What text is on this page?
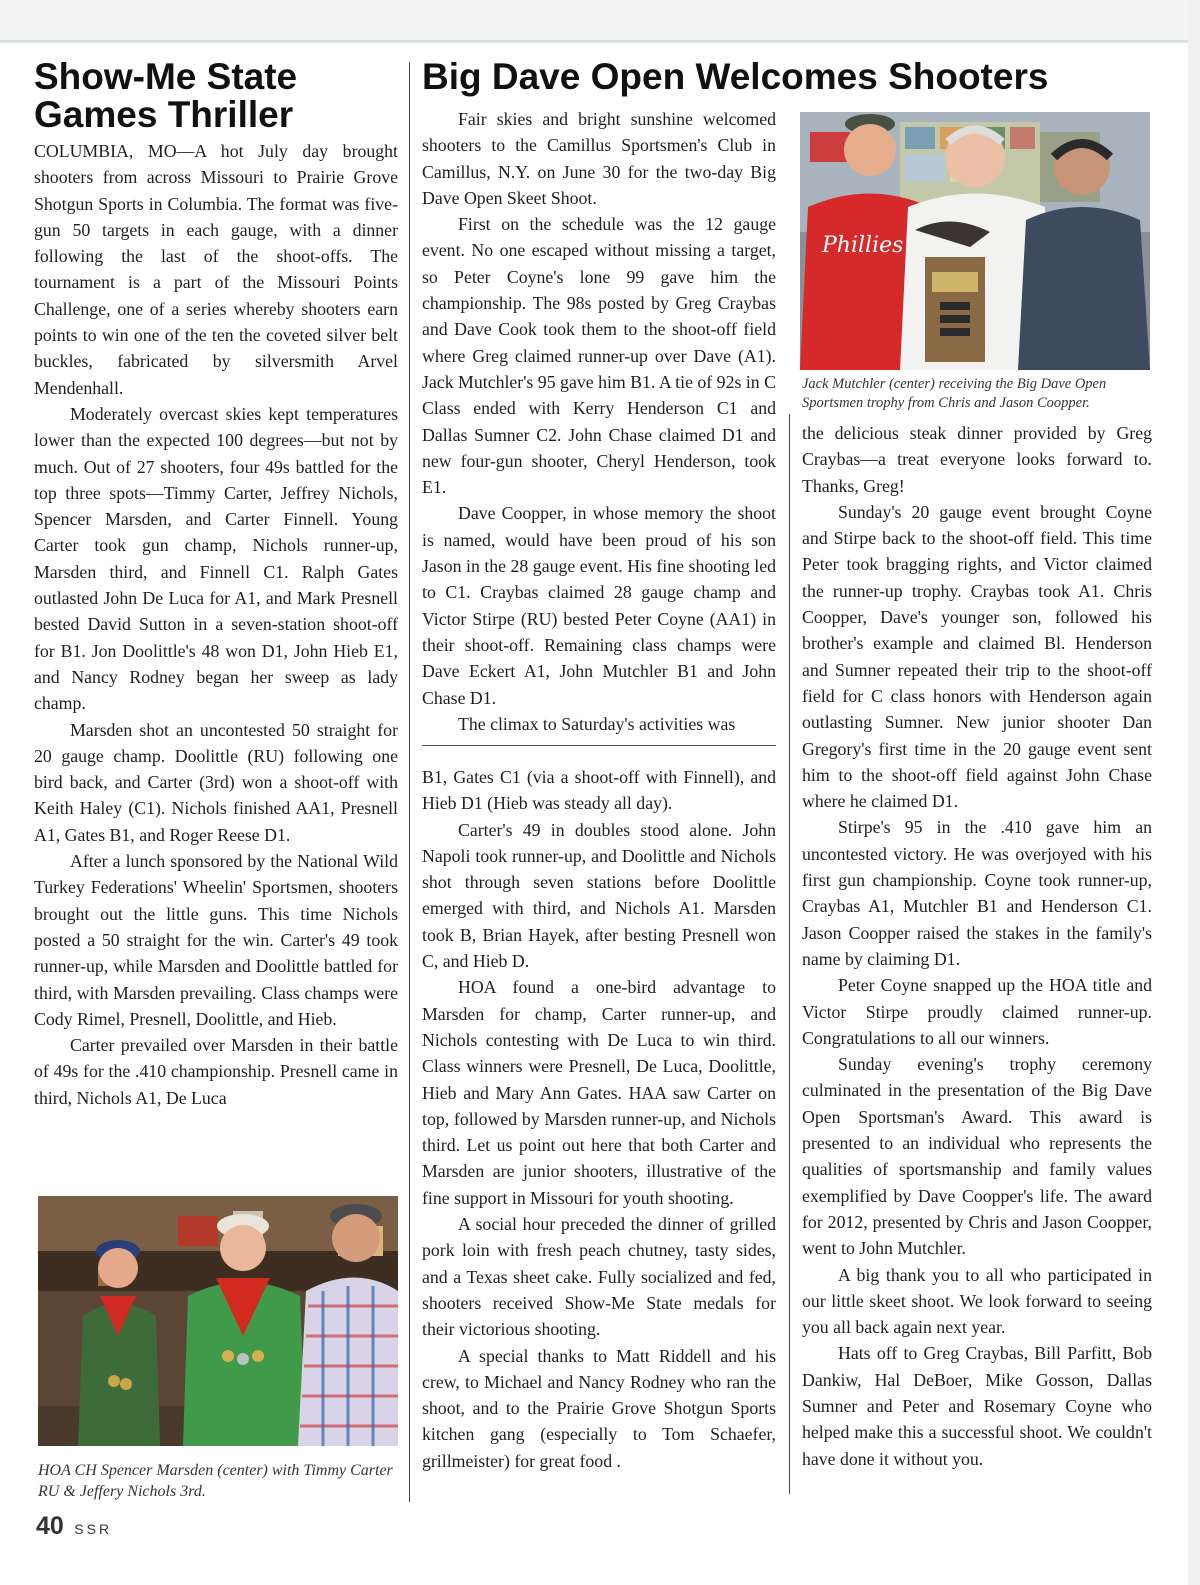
Show-Me State Games Thriller
Big Dave Open Welcomes Shooters

COLUMBIA, MO—A hot July day brought shooters from across Missouri to Prairie Grove Shotgun Sports in Columbia. The format was five-gun 50 targets in each gauge, with a dinner following the last of the shoot-offs. The tournament is a part of the Missouri Points Challenge, one of a series whereby shooters earn points to win one of the ten the coveted silver belt buckles, fabricated by silversmith Arvel Mendenhall.

Moderately overcast skies kept temperatures lower than the expected 100 degrees—but not by much. Out of 27 shooters, four 49s battled for the top three spots—Timmy Carter, Jeffrey Nichols, Spencer Marsden, and Carter Finnell. Young Carter took gun champ, Nichols runner-up, Marsden third, and Finnell C1. Ralph Gates outlasted John De Luca for A1, and Mark Presnell bested David Sutton in a seven-station shoot-off for B1. Jon Doolittle's 48 won D1, John Hieb E1, and Nancy Rodney began her sweep as lady champ.

Marsden shot an uncontested 50 straight for 20 gauge champ. Doolittle (RU) following one bird back, and Carter (3rd) won a shoot-off with Keith Haley (C1). Nichols finished AA1, Presnell A1, Gates B1, and Roger Reese D1.

After a lunch sponsored by the National Wild Turkey Federations' Wheelin' Sportsmen, shooters brought out the little guns. This time Nichols posted a 50 straight for the win. Carter's 49 took runner-up, while Marsden and Doolittle battled for third, with Marsden prevailing. Class champs were Cody Rimel, Presnell, Doolittle, and Hieb.

Carter prevailed over Marsden in their battle of 49s for the .410 championship. Presnell came in third, Nichols A1, De Luca

HOA CH Spencer Marsden (center) with Timmy Carter RU & Jeffery Nichols 3rd.

Fair skies and bright sunshine welcomed shooters to the Camillus Sportsmen's Club in Camillus, N.Y. on June 30 for the two-day Big Dave Open Skeet Shoot.

First on the schedule was the 12 gauge event. No one escaped without missing a target, so Peter Coyne's lone 99 gave him the championship. The 98s posted by Greg Craybas and Dave Cook took them to the shoot-off field where Greg claimed runner-up over Dave (A1). Jack Mutchler's 95 gave him B1. A tie of 92s in C Class ended with Kerry Henderson C1 and Dallas Sumner C2. John Chase claimed D1 and new four-gun shooter, Cheryl Henderson, took E1.

Dave Coopper, in whose memory the shoot is named, would have been proud of his son Jason in the 28 gauge event. His fine shooting led to C1. Craybas claimed 28 gauge champ and Victor Stirpe (RU) bested Peter Coyne (AA1) in their shoot-off. Remaining class champs were Dave Eckert A1, John Mutchler B1 and John Chase D1.

The climax to Saturday's activities was

B1, Gates C1 (via a shoot-off with Finnell), and Hieb D1 (Hieb was steady all day).

Carter's 49 in doubles stood alone. John Napoli took runner-up, and Doolittle and Nichols shot through seven stations before Doolittle emerged with third, and Nichols A1. Marsden took B, Brian Hayek, after besting Presnell won C, and Hieb D.

HOA found a one-bird advantage to Marsden for champ, Carter runner-up, and Nichols contesting with De Luca to win third. Class winners were Presnell, De Luca, Doolittle, Hieb and Mary Ann Gates. HAA saw Carter on top, followed by Marsden runner-up, and Nichols third. Let us point out here that both Carter and Marsden are junior shooters, illustrative of the fine support in Missouri for youth shooting.

A social hour preceded the dinner of grilled pork loin with fresh peach chutney, tasty sides, and a Texas sheet cake. Fully socialized and fed, shooters received Show-Me State medals for their victorious shooting.

A special thanks to Matt Riddell and his crew, to Michael and Nancy Rodney who ran the shoot, and to the Prairie Grove Shotgun Sports kitchen gang (especially to Tom Schaefer, grillmeister) for great food .

Phillies
Jack Mutchler (center) receiving the Big Dave Open Sportsmen trophy from Chris and Jason Coopper.

the delicious steak dinner provided by Greg Craybas—a treat everyone looks forward to. Thanks, Greg!

Sunday's 20 gauge event brought Coyne and Stirpe back to the shoot-off field. This time Peter took bragging rights, and Victor claimed the runner-up trophy. Craybas took A1. Chris Coopper, Dave's younger son, followed his brother's example and claimed Bl. Henderson and Sumner repeated their trip to the shoot-off field for C class honors with Henderson again outlasting Sumner. New junior shooter Dan Gregory's first time in the 20 gauge event sent him to the shoot-off field against John Chase where he claimed D1.

Stirpe's 95 in the .410 gave him an uncontested victory. He was overjoyed with his first gun championship. Coyne took runner-up, Craybas A1, Mutchler B1 and Henderson C1. Jason Coopper raised the stakes in the family's name by claiming D1.

Peter Coyne snapped up the HOA title and Victor Stirpe proudly claimed runner-up. Congratulations to all our winners.

Sunday evening's trophy ceremony culminated in the presentation of the Big Dave Open Sportsman's Award. This award is presented to an individual who represents the qualities of sportsmanship and family values exemplified by Dave Coopper's life. The award for 2012, presented by Chris and Jason Coopper, went to John Mutchler.

A big thank you to all who participated in our little skeet shoot. We look forward to seeing you all back again next year.

Hats off to Greg Craybas, Bill Parfitt, Bob Dankiw, Hal DeBoer, Mike Gosson, Dallas Sumner and Peter and Rosemary Coyne who helped make this a successful shoot. We couldn't have done it without you.

40 SSR
